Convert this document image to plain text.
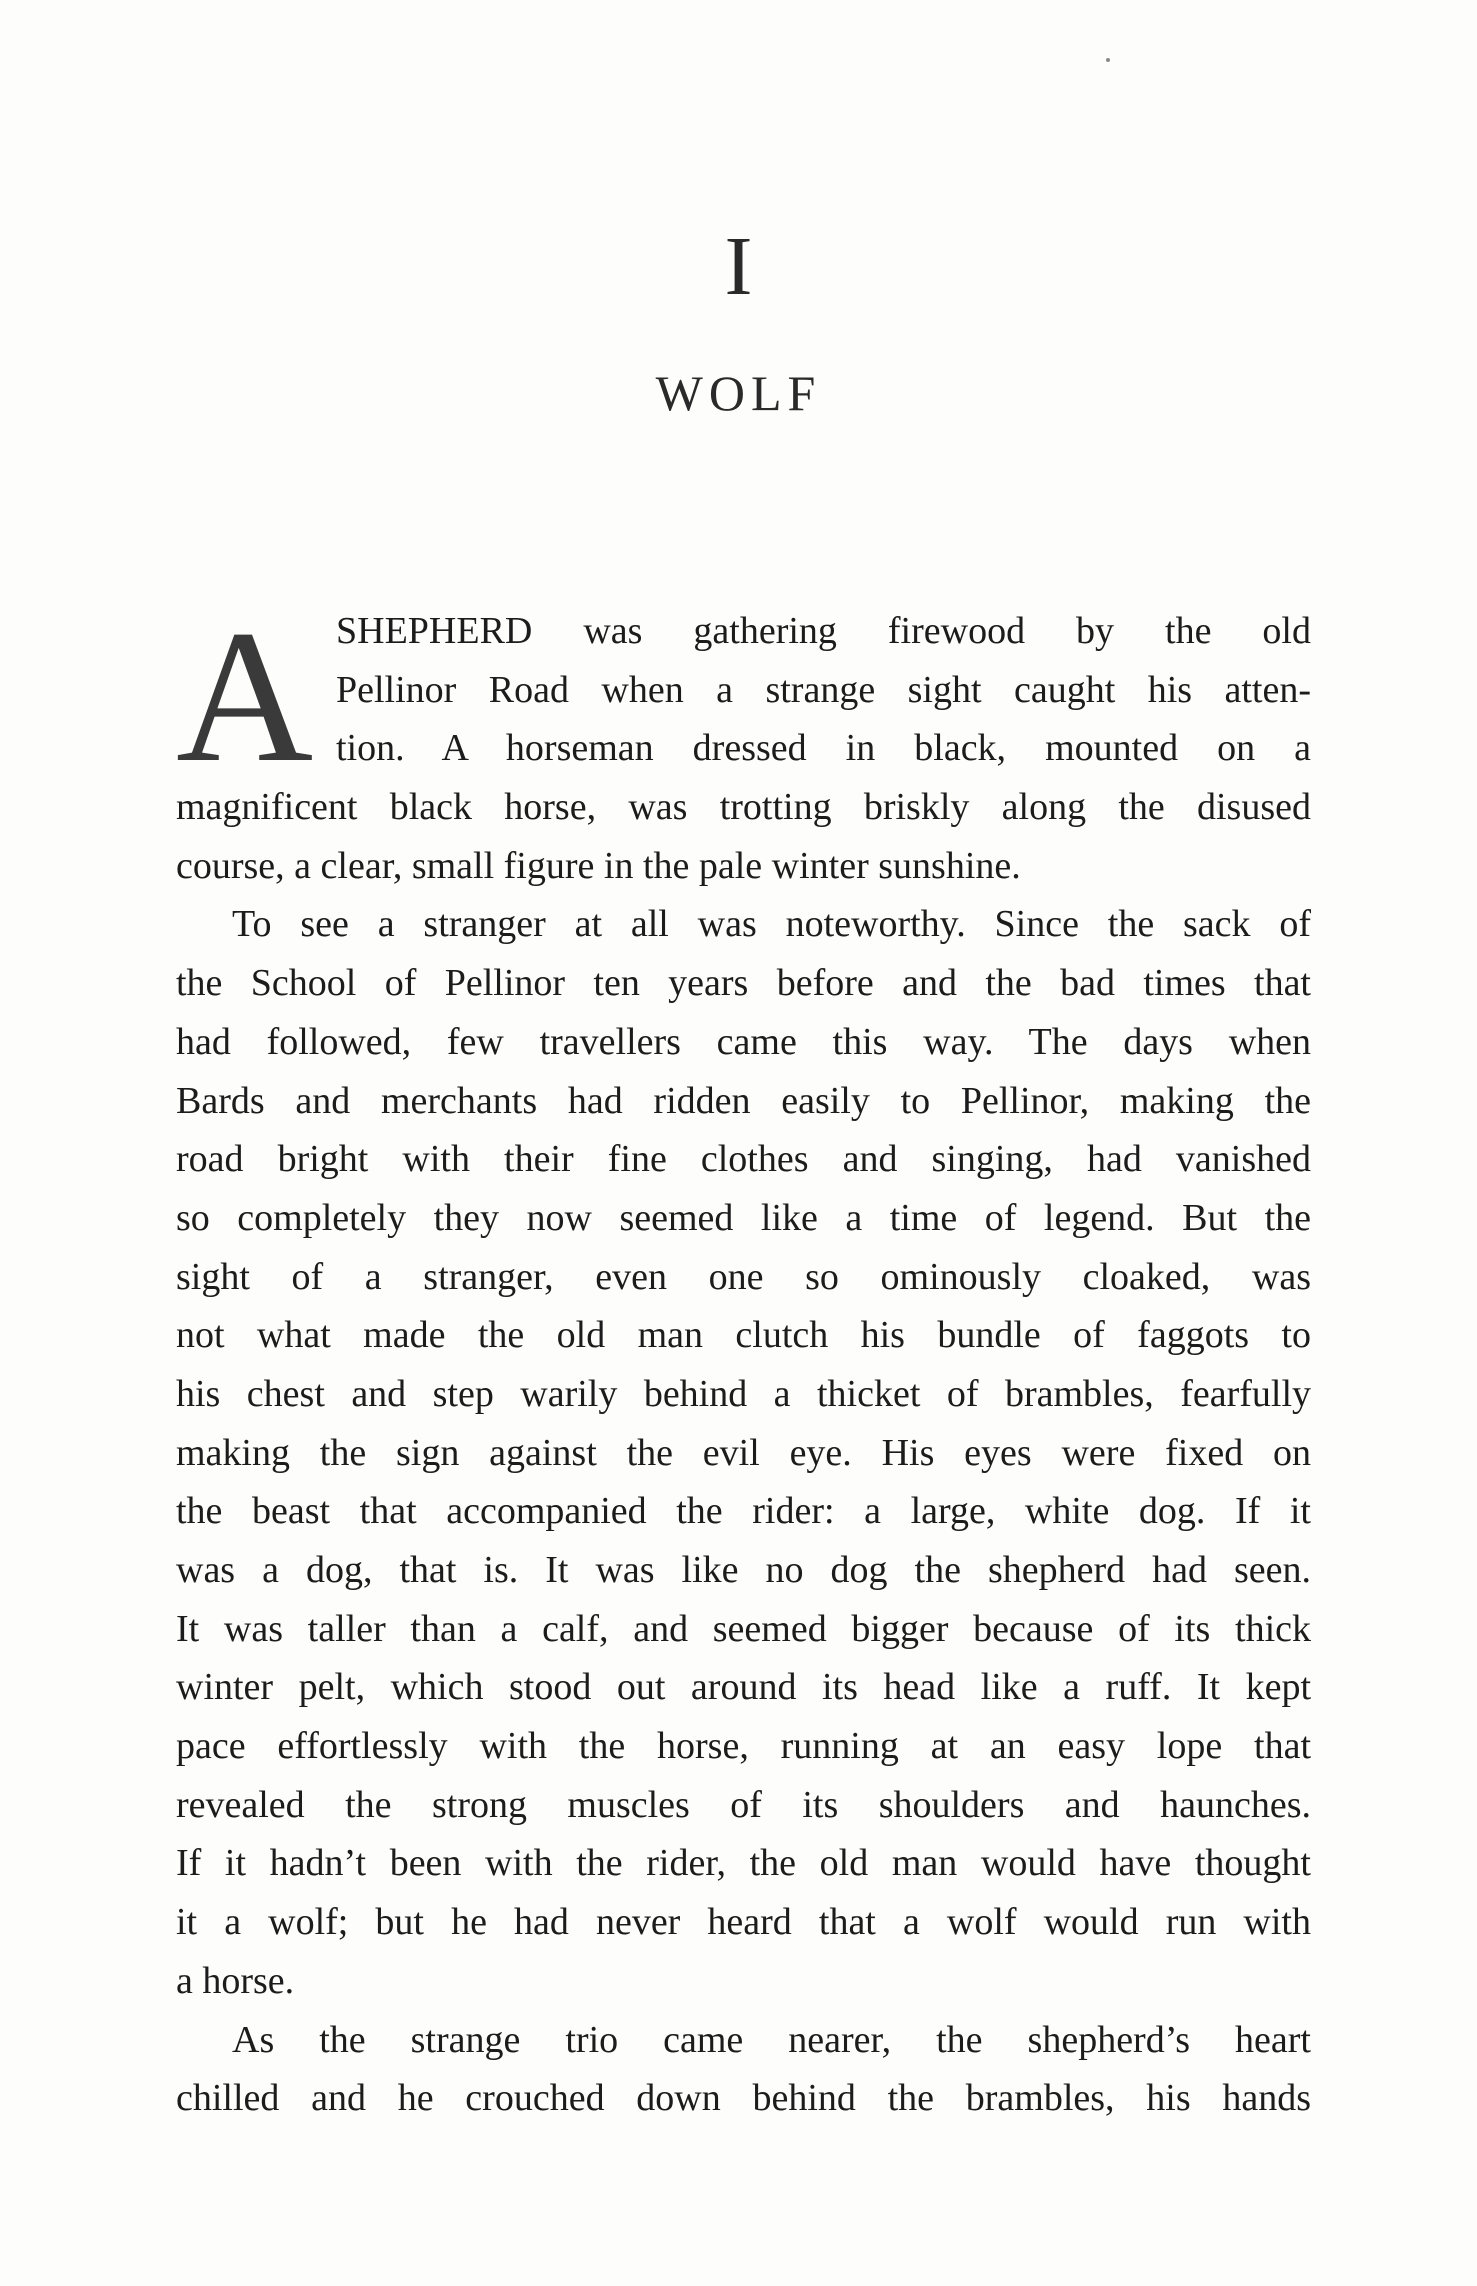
I
WOLF
A SHEPHERD was gathering firewood by the old
Pellinor Road when a strange sight caught his atten-
tion. A horseman dressed in black, mounted on a
magnificent black horse, was trotting briskly along the disused
course, a clear, small figure in the pale winter sunshine.
To see a stranger at all was noteworthy. Since the sack of
the School of Pellinor ten years before and the bad times that
had followed, few travellers came this way. The days when
Bards and merchants had ridden easily to Pellinor, making the
road bright with their fine clothes and singing, had vanished
so completely they now seemed like a time of legend. But the
sight of a stranger, even one so ominously cloaked, was
not what made the old man clutch his bundle of faggots to
his chest and step warily behind a thicket of brambles, fearfully
making the sign against the evil eye. His eyes were fixed on
the beast that accompanied the rider: a large, white dog. If it
was a dog, that is. It was like no dog the shepherd had seen.
It was taller than a calf, and seemed bigger because of its thick
winter pelt, which stood out around its head like a ruff. It kept
pace effortlessly with the horse, running at an easy lope that
revealed the strong muscles of its shoulders and haunches.
If it hadn’t been with the rider, the old man would have thought
it a wolf; but he had never heard that a wolf would run with
a horse.
As the strange trio came nearer, the shepherd’s heart
chilled and he crouched down behind the brambles, his hands
